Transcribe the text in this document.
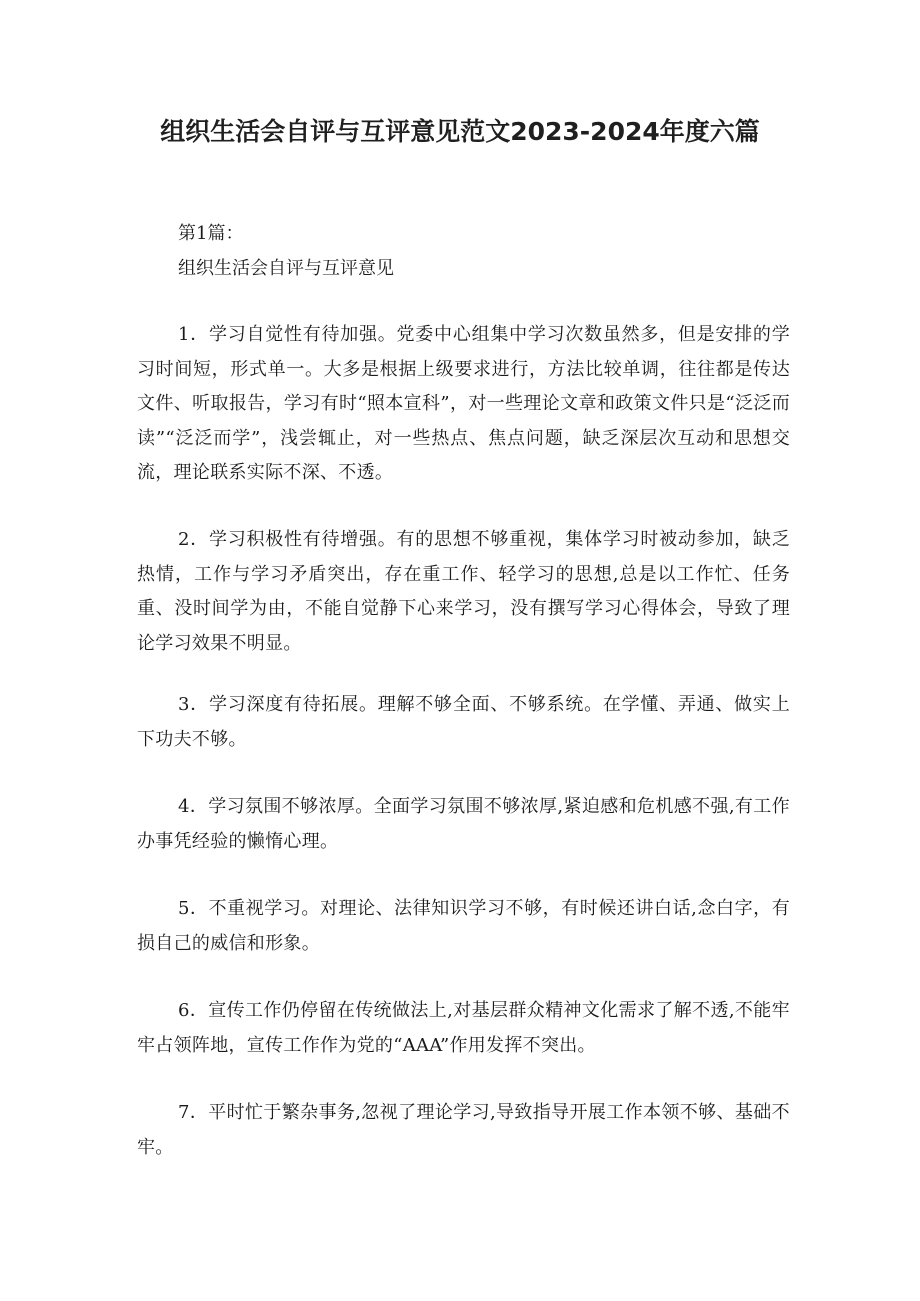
组织生活会自评与互评意见范文2023-2024年度六篇

第1篇：

组织生活会自评与互评意见

1．学习自觉性有待加强。党委中心组集中学习次数虽然多，但是安排的学习时间短，形式单一。大多是根据上级要求进行，方法比较单调，往往都是传达文件、听取报告，学习有时“照本宣科”，对一些理论文章和政策文件只是“泛泛而读”“泛泛而学”，浅尝辄止，对一些热点、焦点问题，缺乏深层次互动和思想交流，理论联系实际不深、不透。

2．学习积极性有待增强。有的思想不够重视，集体学习时被动参加，缺乏热情，工作与学习矛盾突出，存在重工作、轻学习的思想,总是以工作忙、任务重、没时间学为由，不能自觉静下心来学习，没有撰写学习心得体会，导致了理论学习效果不明显。

3．学习深度有待拓展。理解不够全面、不够系统。在学懂、弄通、做实上下功夫不够。

4．学习氛围不够浓厚。全面学习氛围不够浓厚,紧迫感和危机感不强,有工作办事凭经验的懒惰心理。

5．不重视学习。对理论、法律知识学习不够，有时候还讲白话,念白字，有损自己的威信和形象。

6．宣传工作仍停留在传统做法上,对基层群众精神文化需求了解不透,不能牢牢占领阵地，宣传工作作为党的“AAA”作用发挥不突出。

7．平时忙于繁杂事务,忽视了理论学习,导致指导开展工作本领不够、基础不牢。
